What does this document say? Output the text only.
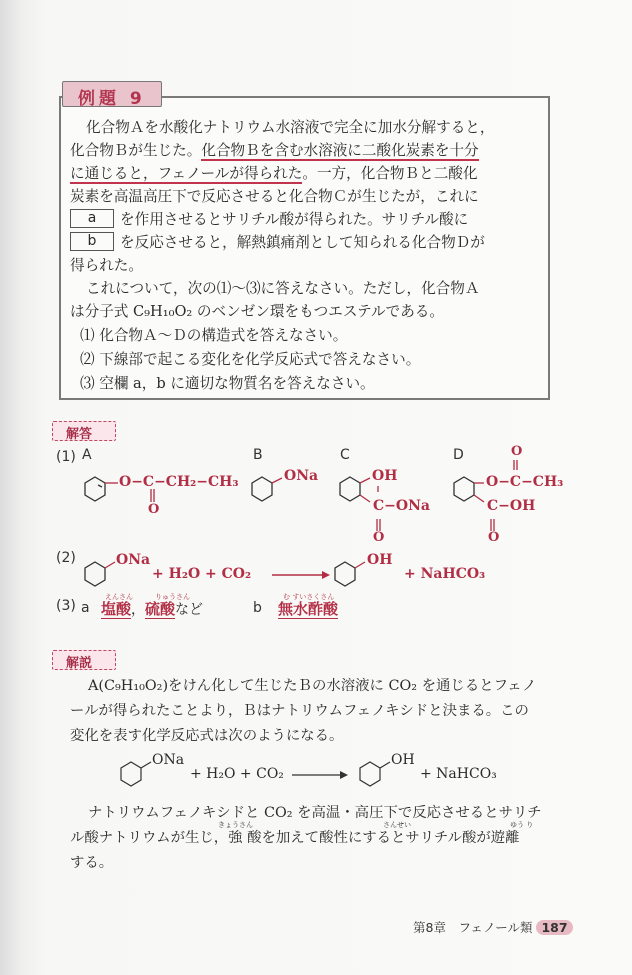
例題 9
化合物Ａを水酸化ナトリウム水溶液で完全に加水分解すると，
化合物Ｂが生じた。化合物Ｂを含む水溶液に二酸化炭素を十分
に通じると，フェノールが得られた。一方，化合物Ｂと二酸化
炭素を高温高圧下で反応させると化合物Ｃが生じたが，これに
a を作用させるとサリチル酸が得られた。サリチル酸に
b を反応させると，解熱鎮痛剤として知られる化合物Ｄが
得られた。
これについて，次の⑴～⑶に答えなさい。ただし，化合物Ａ
は分子式 C₉H₁₀O₂ のベンゼン環をもつエステルである。
⑴ 化合物Ａ～Ｄの構造式を答えなさい。
⑵ 下線部で起こる変化を化学反応式で答えなさい。
⑶ 空欄 a，b に適切な物質名を答えなさい。
解答
(1) A	B	C	D
O−C−CH₂−CH₃
O
ONa	OH
C−ONa
O
O
O−C−CH₃
C−OH
O
(2)	ONa
+ H₂O + CO₂
OH
+ NaHCO₃
(3) a
えんさん
塩酸，硫酸など
りゅうさん
b
む すいさくさん
無水酢酸
解説
A(C₉H₁₀O₂)をけん化して生じたＢの水溶液に CO₂ を通じるとフェノ
ールが得られたことより，Ｂはナトリウムフェノキシドと決まる。この
変化を表す化学反応式は次のようになる。
ONa
+ H₂O + CO₂
OH
+ NaHCO₃
ナトリウムフェノキシドと CO₂ を高温・高圧下で反応させるとサリチ
きょうさん	さんせい	ゆう り
ル酸ナトリウムが生じ，強 酸を加えて酸性にするとサリチル酸が遊離
する。
第8章　フェノール類 187
